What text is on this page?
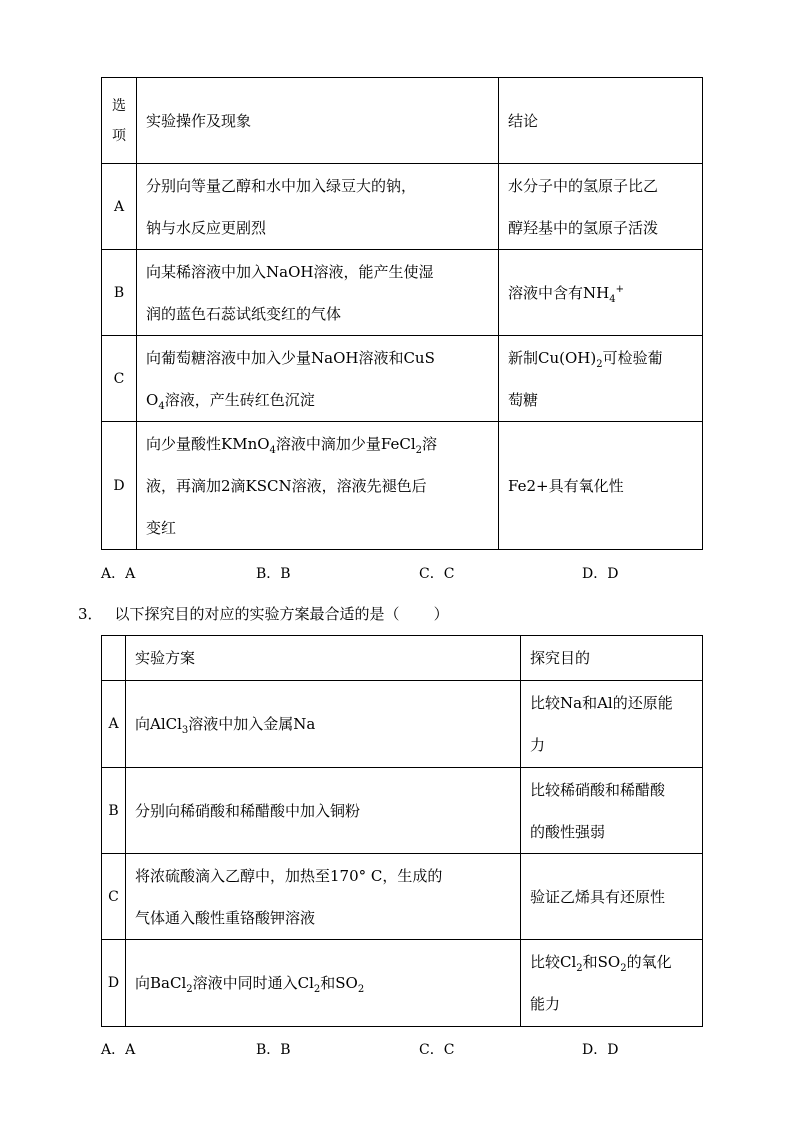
选
项	实验操作及现象	结论
A	分别向等量乙醇和水中加入绿豆大的钠，
钠与水反应更剧烈	水分子中的氢原子比乙
醇羟基中的氢原子活泼
B	向某稀溶液中加入NaOH溶液，能产生使湿
润的蓝色石蕊试纸变红的气体	溶液中含有$NH_4^+$
C	向葡萄糖溶液中加入少量NaOH溶液和CuS
$O_4$溶液，产生砖红色沉淀	新制$Cu(OH)_2$可检验葡
萄糖
D	向少量酸性KMnO$_4$溶液中滴加少量FeCl$_2$溶
液，再滴加2滴KSCN溶液，溶液先褪色后
变红	Fe2+具有氧化性
A．A	B．B	C．C	D．D
3． 以下探究目的对应的实验方案最合适的是（ ）
	实验方案	探究目的
A	向AlCl$_3$溶液中加入金属Na	比较Na和Al的还原能
力
B	分别向稀硝酸和稀醋酸中加入铜粉	比较稀硝酸和稀醋酸
的酸性强弱
C	将浓硫酸滴入乙醇中，加热至170° C，生成的
气体通入酸性重铬酸钾溶液	验证乙烯具有还原性
D	向BaCl$_2$溶液中同时通入$Cl_2$和$SO_2$	比较$Cl_2$和$SO_2$的氧化
能力
A．A	B．B	C．C	D．D
